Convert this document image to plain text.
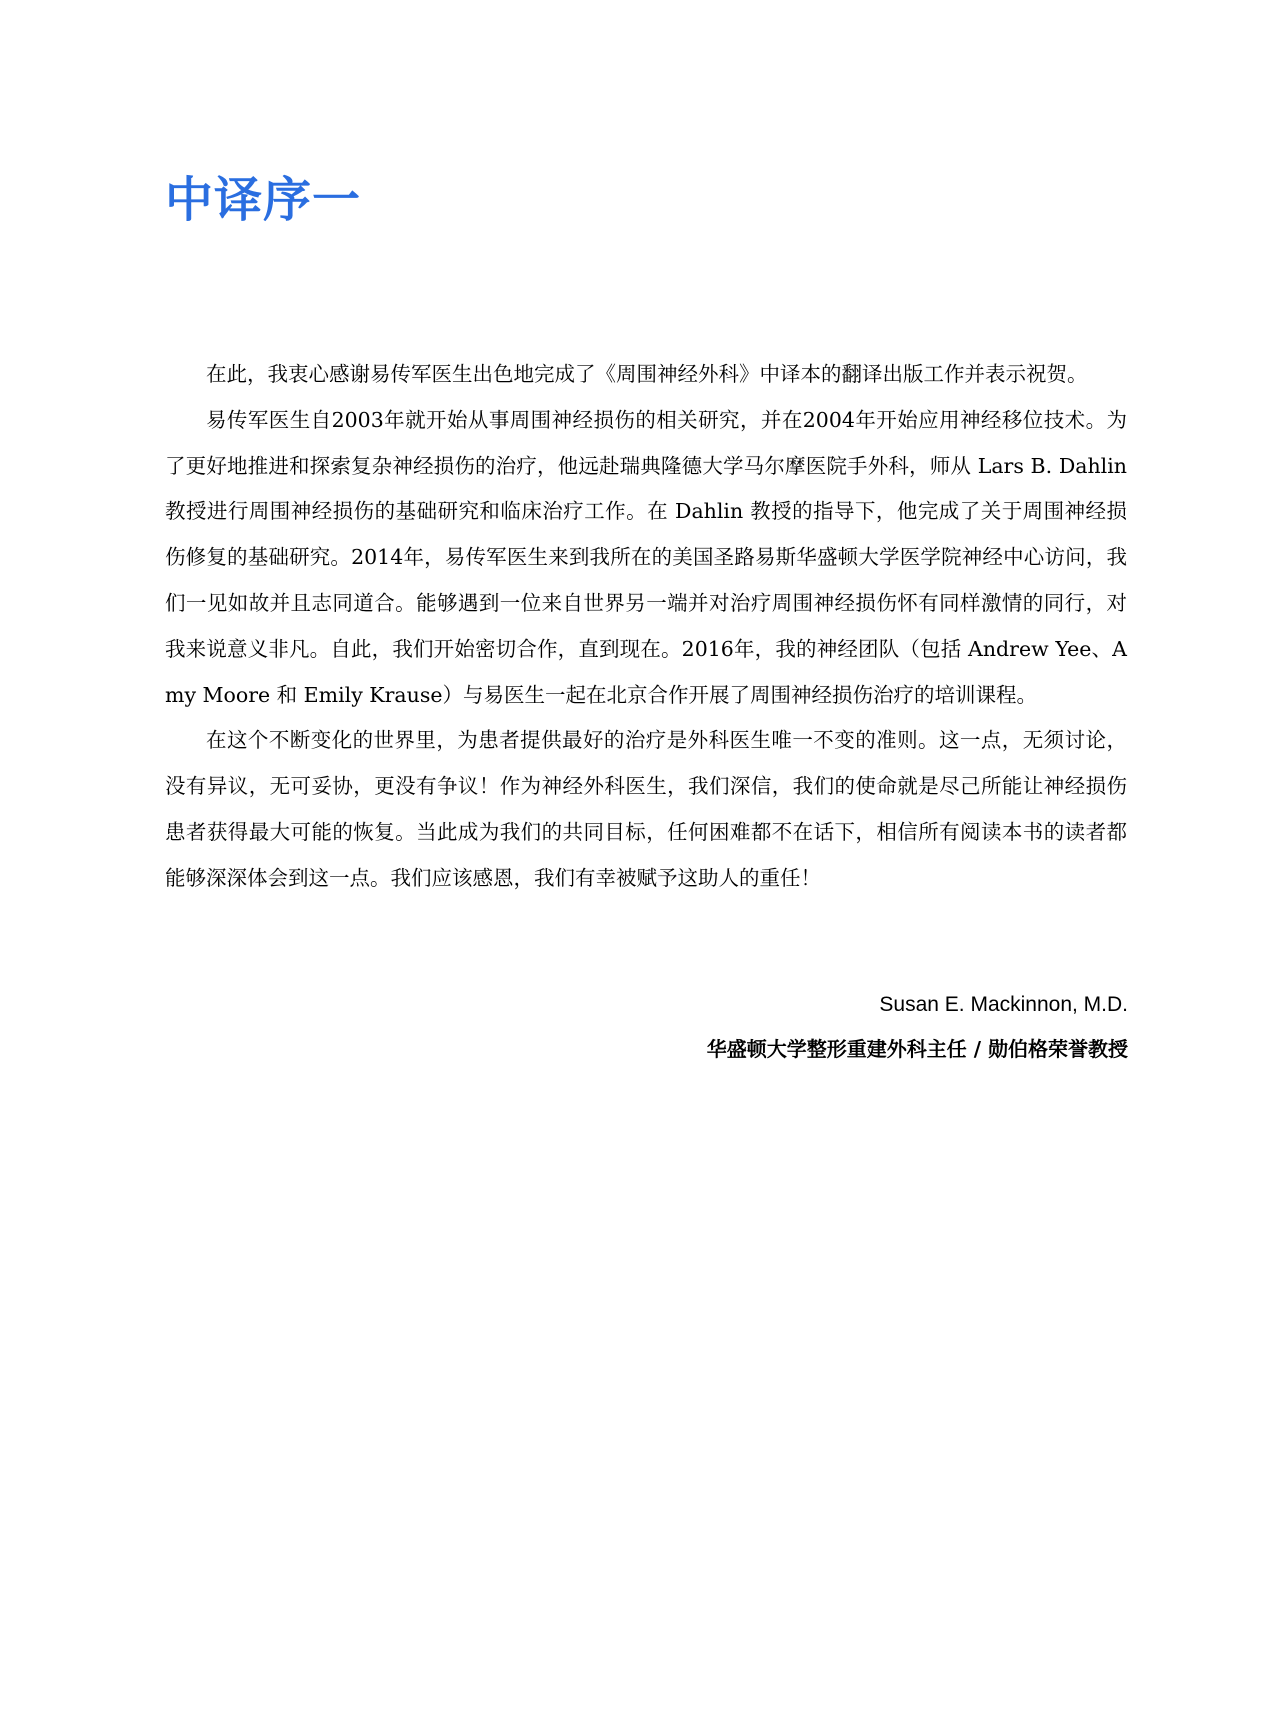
中译序一

在此，我衷心感谢易传军医生出色地完成了《周围神经外科》中译本的翻译出版工作并表示祝贺。

易传军医生自2003年就开始从事周围神经损伤的相关研究，并在2004年开始应用神经移位技术。为了更好地推进和探索复杂神经损伤的治疗，他远赴瑞典隆德大学马尔摩医院手外科，师从 Lars B. Dahlin 教授进行周围神经损伤的基础研究和临床治疗工作。在 Dahlin 教授的指导下，他完成了关于周围神经损伤修复的基础研究。2014年，易传军医生来到我所在的美国圣路易斯华盛顿大学医学院神经中心访问，我们一见如故并且志同道合。能够遇到一位来自世界另一端并对治疗周围神经损伤怀有同样激情的同行，对我来说意义非凡。自此，我们开始密切合作，直到现在。2016年，我的神经团队（包括 Andrew Yee、Amy Moore 和 Emily Krause）与易医生一起在北京合作开展了周围神经损伤治疗的培训课程。

在这个不断变化的世界里，为患者提供最好的治疗是外科医生唯一不变的准则。这一点，无须讨论，没有异议，无可妥协，更没有争议！作为神经外科医生，我们深信，我们的使命就是尽己所能让神经损伤患者获得最大可能的恢复。当此成为我们的共同目标，任何困难都不在话下，相信所有阅读本书的读者都能够深深体会到这一点。我们应该感恩，我们有幸被赋予这助人的重任！

Susan E. Mackinnon, M.D.

华盛顿大学整形重建外科主任 / 勋伯格荣誉教授
